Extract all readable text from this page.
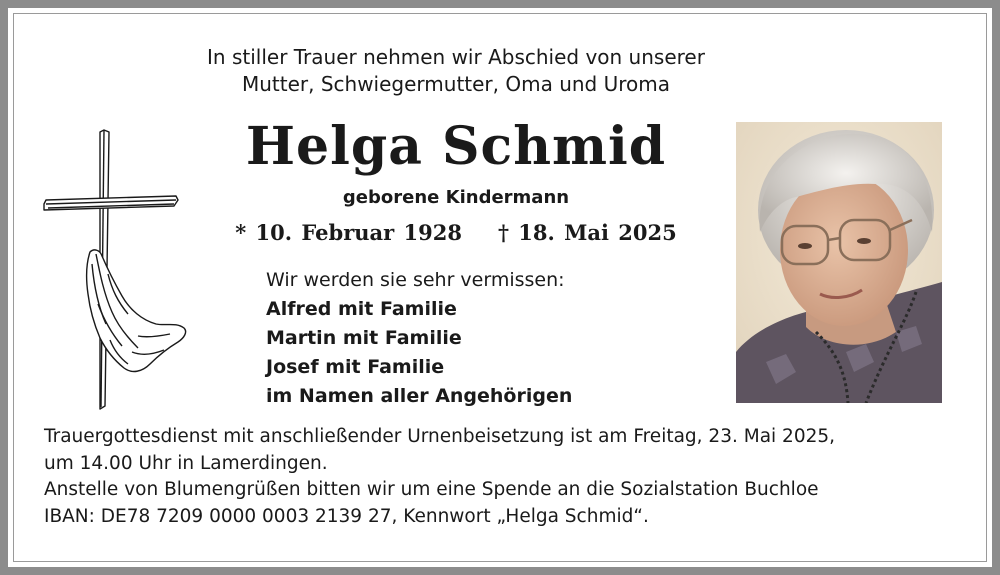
In stiller Trauer nehmen wir Abschied von unserer
Mutter, Schwiegermutter, Oma und Uroma
Helga Schmid
geborene Kindermann
* 10. Februar 1928 † 18. Mai 2025
Wir werden sie sehr vermissen:
Alfred mit Familie
Martin mit Familie
Josef mit Familie
im Namen aller Angehörigen
Trauergottesdienst mit anschließender Urnenbeisetzung ist am Freitag, 23. Mai 2025,
um 14.00 Uhr in Lamerdingen.
Anstelle von Blumengrüßen bitten wir um eine Spende an die Sozialstation Buchloe
IBAN: DE78 7209 0000 0003 2139 27, Kennwort „Helga Schmid“.
